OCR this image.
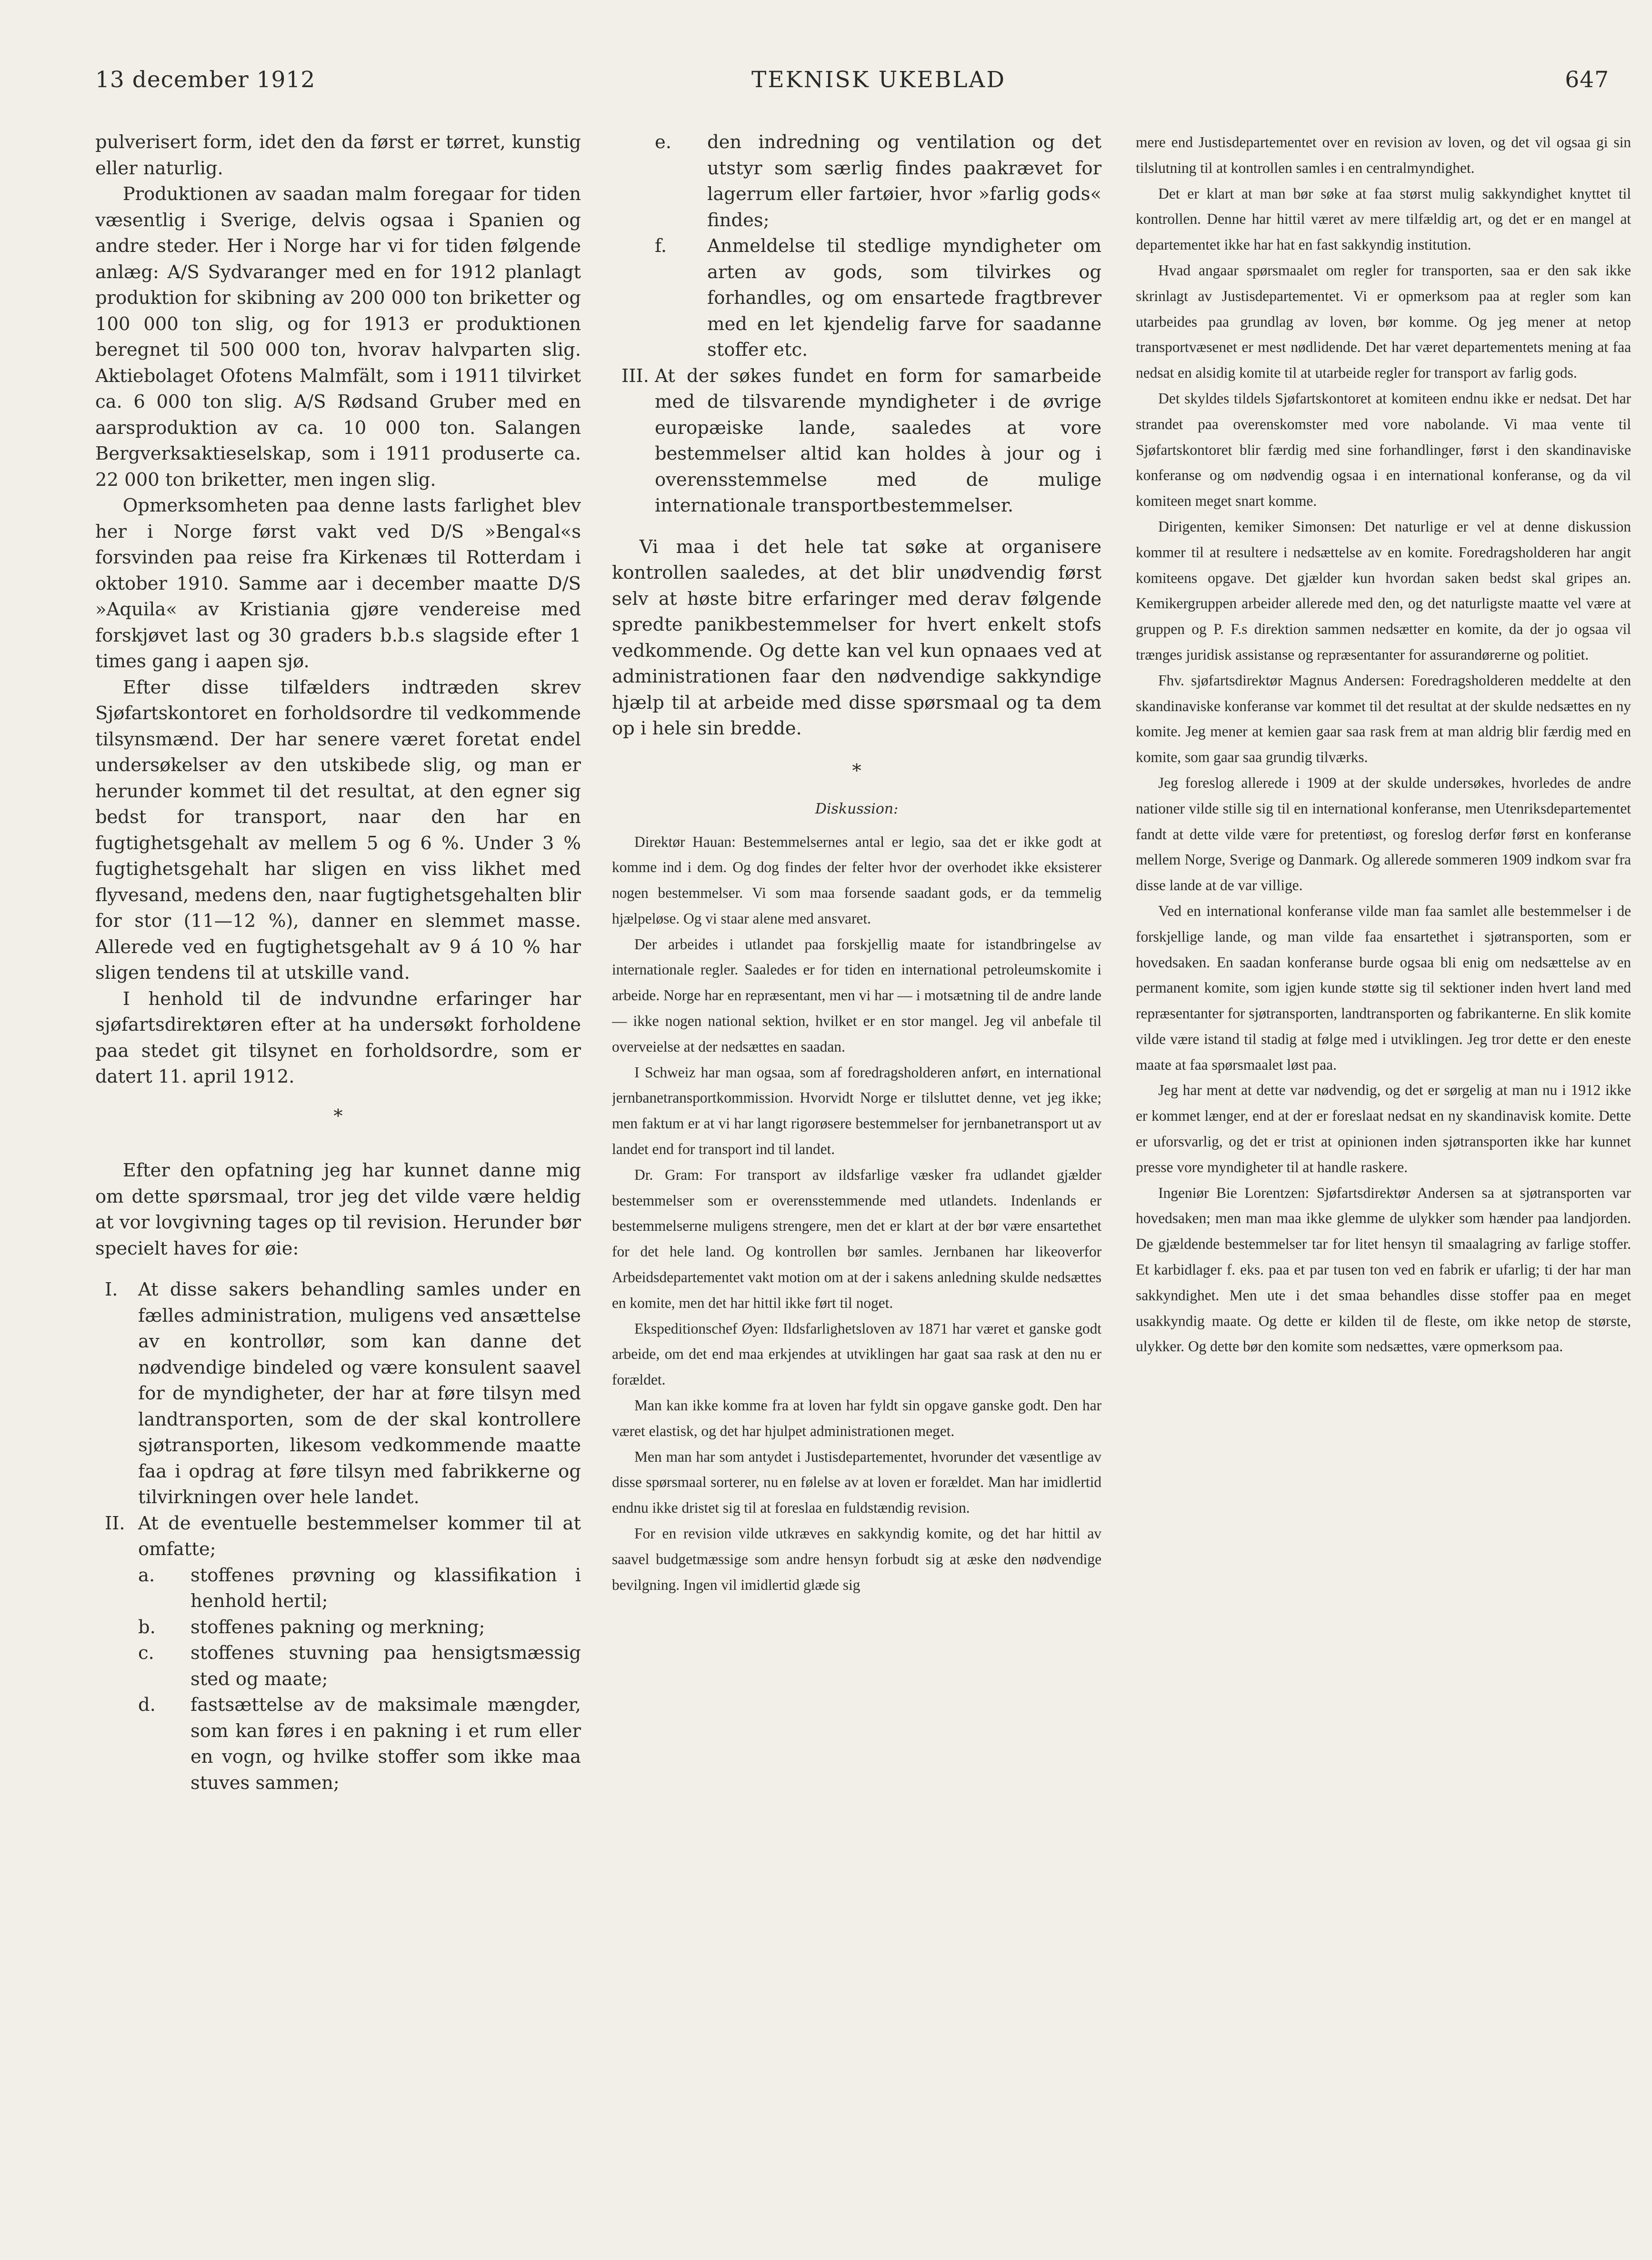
13 december 1912	TEKNISK UKEBLAD	647

pulverisert form, idet den da først er tørret, kunstig eller naturlig.

Produktionen av saadan malm foregaar for tiden væsentlig i Sverige, delvis ogsaa i Spanien og andre steder. Her i Norge har vi for tiden følgende anlæg: A/S Sydvaranger med en for 1912 planlagt produktion for skibning av 200 000 ton briketter og 100 000 ton slig, og for 1913 er produktionen beregnet til 500 000 ton, hvorav halvparten slig. Aktiebolaget Ofotens Malmfält, som i 1911 tilvirket ca. 6 000 ton slig. A/S Rødsand Gruber med en aarsproduktion av ca. 10 000 ton. Salangen Bergverksaktieselskap, som i 1911 produserte ca. 22 000 ton briketter, men ingen slig.

Opmerksomheten paa denne lasts farlighet blev her i Norge først vakt ved D/S »Bengal«s forsvinden paa reise fra Kirkenæs til Rotterdam i oktober 1910. Samme aar i december maatte D/S »Aquila« av Kristiania gjøre vendereise med forskjøvet last og 30 graders b.b.s slagside efter 1 times gang i aapen sjø.

Efter disse tilfælders indtræden skrev Sjøfartskontoret en forholdsordre til vedkommende tilsynsmænd. Der har senere været foretat endel undersøkelser av den utskibede slig, og man er herunder kommet til det resultat, at den egner sig bedst for transport, naar den har en fugtighetsgehalt av mellem 5 og 6 %. Under 3 % fugtighetsgehalt har sligen en viss likhet med flyvesand, medens den, naar fugtighetsgehalten blir for stor (11—12 %), danner en slemmet masse. Allerede ved en fugtighetsgehalt av 9 á 10 % har sligen tendens til at utskille vand.

I henhold til de indvundne erfaringer har sjøfartsdirektøren efter at ha undersøkt forholdene paa stedet git tilsynet en forholdsordre, som er datert 11. april 1912.

*

Efter den opfatning jeg har kunnet danne mig om dette spørsmaal, tror jeg det vilde være heldig at vor lovgivning tages op til revision. Herunder bør specielt haves for øie:

I.	At disse sakers behandling samles under en fælles administration, muligens ved ansættelse av en kontrollør, som kan danne det nødvendige bindeled og være konsulent saavel for de myndigheter, der har at føre tilsyn med landtransporten, som de der skal kontrollere sjøtransporten, likesom vedkommende maatte faa i opdrag at føre tilsyn med fabrikkerne og tilvirkningen over hele landet.
II. At de eventuelle bestemmelser kommer til at omfatte;
a.	stoffenes prøvning og klassifikation i henhold hertil;
b.	stoffenes pakning og merkning;
c.	stoffenes stuvning paa hensigtsmæssig sted og maate;
d.	fastsættelse av de maksimale mængder, som kan føres i en pakning i et rum eller en vogn, og hvilke stoffer som ikke maa stuves sammen;
e.	den indredning og ventilation og det utstyr som særlig findes paakrævet for lagerrum eller fartøier, hvor »farlig gods« findes;
f.	Anmeldelse til stedlige myndigheter om arten av gods, som tilvirkes og forhandles, og om ensartede fragtbrever med en let kjendelig farve for saadanne stoffer etc.
III. At der søkes fundet en form for samarbeide med de tilsvarende myndigheter i de øvrige europæiske lande, saaledes at vore bestemmelser altid kan holdes à jour og i overensstemmelse med de mulige internationale transportbestemmelser.

Vi maa i det hele tat søke at organisere kontrollen saaledes, at det blir unødvendig først selv at høste bitre erfaringer med derav følgende spredte panikbestemmelser for hvert enkelt stofs vedkommende. Og dette kan vel kun opnaaes ved at administrationen faar den nødvendige sakkyndige hjælp til at arbeide med disse spørsmaal og ta dem op i hele sin bredde.

*

Diskussion:

Direktør Hauan: Bestemmelsernes antal er legio, saa det er ikke godt at komme ind i dem. Og dog findes der felter hvor der overhodet ikke eksisterer nogen bestemmelser. Vi som maa forsende saadant gods, er da temmelig hjælpeløse. Og vi staar alene med ansvaret.

Der arbeides i utlandet paa forskjellig maate for istandbringelse av internationale regler. Saaledes er for tiden en international petroleumskomite i arbeide. Norge har en repræsentant, men vi har — i motsætning til de andre lande — ikke nogen national sektion, hvilket er en stor mangel. Jeg vil anbefale til overveielse at der nedsættes en saadan.

I Schweiz har man ogsaa, som af foredragsholderen anført, en international jernbanetransportkommission. Hvorvidt Norge er tilsluttet denne, vet jeg ikke; men faktum er at vi har langt rigorøsere bestemmelser for jernbanetransport ut av landet end for transport ind til landet.

Dr. Gram: For transport av ildsfarlige væsker fra udlandet gjælder bestemmelser som er overensstemmende med utlandets. Indenlands er bestemmelserne muligens strengere, men det er klart at der bør være ensartethet for det hele land. Og kontrollen bør samles. Jernbanen har likeoverfor Arbeidsdepartementet vakt motion om at der i sakens anledning skulde nedsættes en komite, men det har hittil ikke ført til noget.

Ekspeditionschef Øyen: Ildsfarlighetsloven av 1871 har været et ganske godt arbeide, om det end maa erkjendes at utviklingen har gaat saa rask at den nu er forældet.

Man kan ikke komme fra at loven har fyldt sin opgave ganske godt. Den har været elastisk, og det har hjulpet administrationen meget.

Men man har som antydet i Justisdepartementet, hvorunder det væsentlige av disse spørsmaal sorterer, nu en følelse av at loven er forældet. Man har imidlertid endnu ikke dristet sig til at foreslaa en fuldstændig revision.

For en revision vilde utkræves en sakkyndig komite, og det har hittil av saavel budgetmæssige som andre hensyn forbudt sig at æske den nødvendige bevilgning. Ingen vil imidlertid glæde sig

mere end Justisdepartementet over en revision av loven, og det vil ogsaa gi sin tilslutning til at kontrollen samles i en centralmyndighet.

Det er klart at man bør søke at faa størst mulig sakkyndighet knyttet til kontrollen. Denne har hittil været av mere tilfældig art, og det er en mangel at departementet ikke har hat en fast sakkyndig institution.

Hvad angaar spørsmaalet om regler for transporten, saa er den sak ikke skrinlagt av Justisdepartementet. Vi er opmerksom paa at regler som kan utarbeides paa grundlag av loven, bør komme. Og jeg mener at netop transportvæsenet er mest nødlidende. Det har været departementets mening at faa nedsat en alsidig komite til at utarbeide regler for transport av farlig gods.

Det skyldes tildels Sjøfartskontoret at komiteen endnu ikke er nedsat. Det har strandet paa overenskomster med vore nabolande. Vi maa vente til Sjøfartskontoret blir færdig med sine forhandlinger, først i den skandinaviske konferanse og om nødvendig ogsaa i en international konferanse, og da vil komiteen meget snart komme.

Dirigenten, kemiker Simonsen: Det naturlige er vel at denne diskussion kommer til at resultere i nedsættelse av en komite. Foredragsholderen har angit komiteens opgave. Det gjælder kun hvordan saken bedst skal gripes an. Kemikergruppen arbeider allerede med den, og det naturligste maatte vel være at gruppen og P. F.s direktion sammen nedsætter en komite, da der jo ogsaa vil trænges juridisk assistanse og repræsentanter for assurandørerne og politiet.

Fhv. sjøfartsdirektør Magnus Andersen: Foredragsholderen meddelte at den skandinaviske konferanse var kommet til det resultat at der skulde nedsættes en ny komite. Jeg mener at kemien gaar saa rask frem at man aldrig blir færdig med en komite, som gaar saa grundig tilværks.

Jeg foreslog allerede i 1909 at der skulde undersøkes, hvorledes de andre nationer vilde stille sig til en international konferanse, men Utenriksdepartementet fandt at dette vilde være for pretentiøst, og foreslog derfør først en konferanse mellem Norge, Sverige og Danmark. Og allerede sommeren 1909 indkom svar fra disse lande at de var villige.

Ved en international konferanse vilde man faa samlet alle bestemmelser i de forskjellige lande, og man vilde faa ensartethet i sjøtransporten, som er hovedsaken. En saadan konferanse burde ogsaa bli enig om nedsættelse av en permanent komite, som igjen kunde støtte sig til sektioner inden hvert land med repræsentanter for sjøtransporten, landtransporten og fabrikanterne. En slik komite vilde være istand til stadig at følge med i utviklingen. Jeg tror dette er den eneste maate at faa spørsmaalet løst paa.

Jeg har ment at dette var nødvendig, og det er sørgelig at man nu i 1912 ikke er kommet længer, end at der er foreslaat nedsat en ny skandinavisk komite. Dette er uforsvarlig, og det er trist at opinionen inden sjøtransporten ikke har kunnet presse vore myndigheter til at handle raskere.

Ingeniør Bie Lorentzen: Sjøfartsdirektør Andersen sa at sjøtransporten var hovedsaken; men man maa ikke glemme de ulykker som hænder paa landjorden. De gjældende bestemmelser tar for litet hensyn til smaalagring av farlige stoffer. Et karbidlager f. eks. paa et par tusen ton ved en fabrik er ufarlig; ti der har man sakkyndighet. Men ute i det smaa behandles disse stoffer paa en meget usakkyndig maate. Og dette er kilden til de fleste, om ikke netop de største, ulykker. Og dette bør den komite som nedsættes, være opmerksom paa.
